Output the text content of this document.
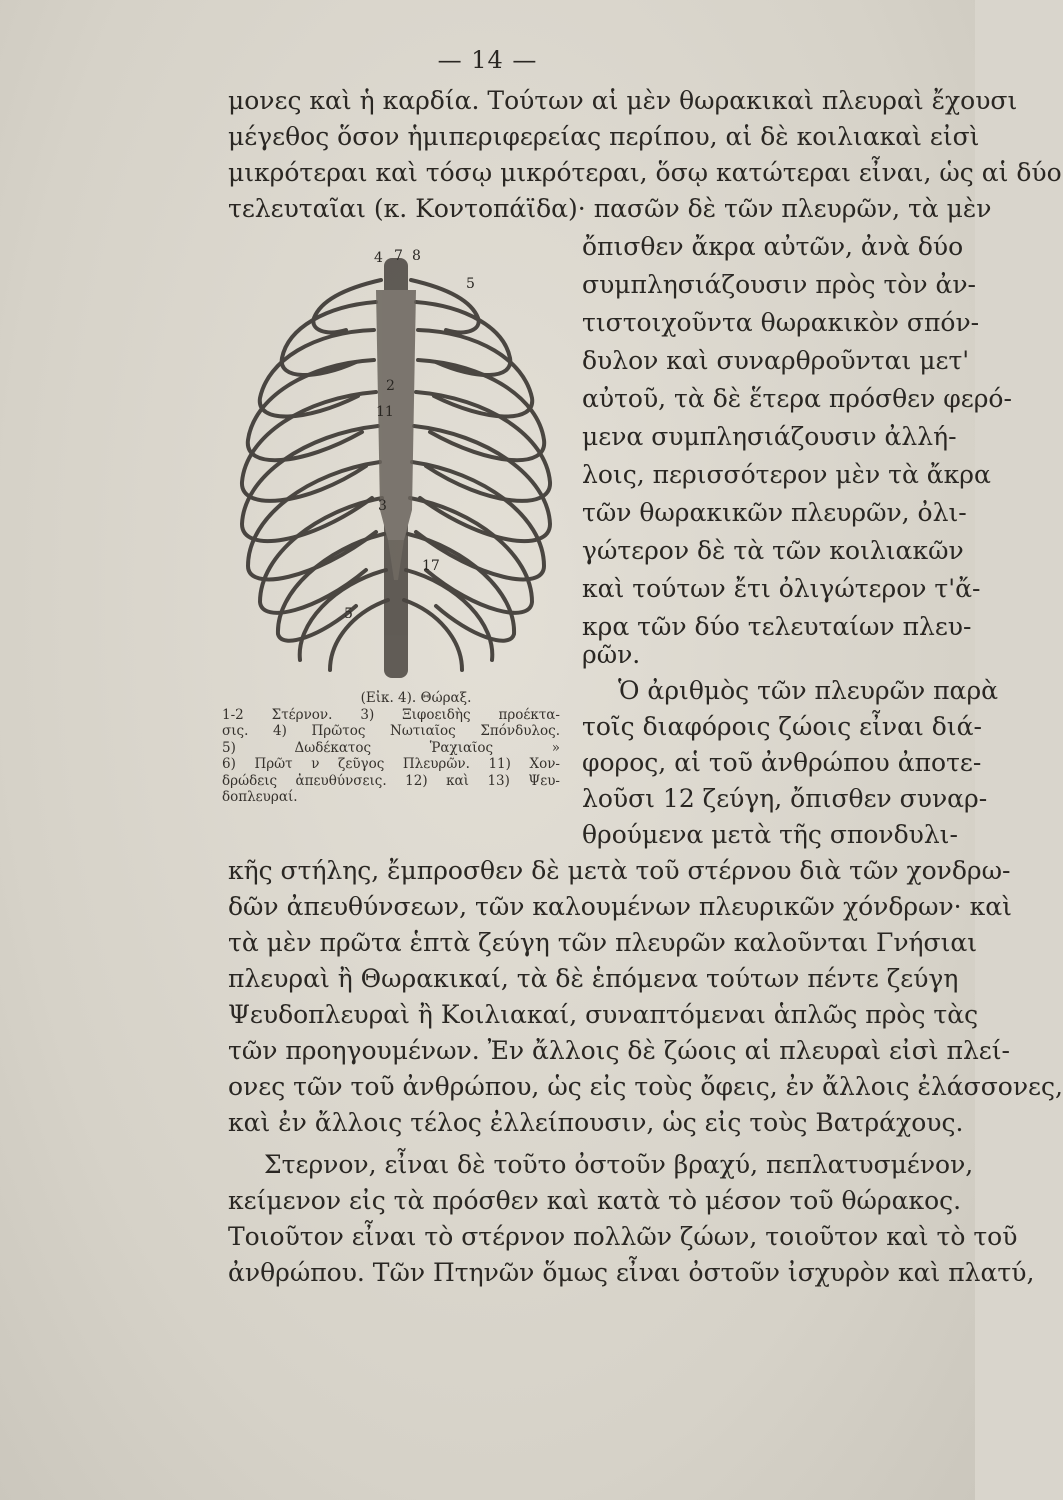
— 14 —
μονες καὶ ἡ καρδία. Τούτων αἱ μὲν θωρακικαὶ πλευραὶ ἔχουσι
μέγεθος ὅσον ἡμιπεριφερείας περίπου, αἱ δὲ κοιλιακαὶ εἰσὶ
μικρότεραι καὶ τόσῳ μικρότεραι, ὅσῳ κατώτεραι εἶναι, ὡς αἱ δύο
τελευταῖαι (κ. Κοντοπάϊδα)· πασῶν δὲ τῶν πλευρῶν, τὰ μὲν
ὄπισθεν ἄκρα αὐτῶν, ἀνὰ δύο
συμπλησιάζουσιν πρὸς τὸν ἀν-
τιστοιχοῦντα θωρακικὸν σπόν-
δυλον καὶ συναρθροῦνται μετ'
αὐτοῦ, τὰ δὲ ἕτερα πρόσθεν φερό-
μενα συμπλησιάζουσιν ἀλλή-
λοις, περισσότερον μὲν τὰ ἄκρα
τῶν θωρακικῶν πλευρῶν, ὀλι-
γώτερον δὲ τὰ τῶν κοιλιακῶν
καὶ τούτων ἔτι ὀλιγώτερον τ'ἄ-
κρα τῶν δύο τελευταίων πλευ-
ρῶν.
Ὁ ἀριθμὸς τῶν πλευρῶν παρὰ
τοῖς διαφόροις ζώοις εἶναι διά-
φορος, αἱ τοῦ ἀνθρώπου ἀποτε-
λοῦσι 12 ζεύγη, ὄπισθεν συναρ-
θρούμενα μετὰ τῆς σπονδυλι-
4 7 8
5
11
3
2
17
5
(Εἰκ. 4). Θώραξ.
1-2 Στέρνον. 3) Ξιφοειδὴς προέκτα-
σις. 4) Πρῶτος Νωτιαῖος Σπόνδυλος.
5) Δωδέκατος Ῥαχιαῖος »
6) Πρῶτ ν ζεῦγος Πλευρῶν. 11) Χον-
δρώδεις ἀπευθύνσεις. 12) καὶ 13) Ψευ-
δοπλευραί.
κῆς στήλης, ἔμπροσθεν δὲ μετὰ τοῦ στέρνου διὰ τῶν χονδρω-
δῶν ἀπευθύνσεων, τῶν καλουμένων πλευρικῶν χόνδρων· καὶ
τὰ μὲν πρῶτα ἑπτὰ ζεύγη τῶν πλευρῶν καλοῦνται Γνήσιαι
πλευραὶ ἢ Θωρακικαί, τὰ δὲ ἑπόμενα τούτων πέντε ζεύγη
Ψευδοπλευραὶ ἢ Κοιλιακαί, συναπτόμεναι ἁπλῶς πρὸς τὰς
τῶν προηγουμένων. Ἐν ἄλλοις δὲ ζώοις αἱ πλευραὶ εἰσὶ πλεί-
ονες τῶν τοῦ ἀνθρώπου, ὡς εἰς τοὺς ὄφεις, ἐν ἄλλοις ἐλάσσονες,
καὶ ἐν ἄλλοις τέλος ἐλλείπουσιν, ὡς εἰς τοὺς Βατράχους.
Στερνον, εἶναι δὲ τοῦτο ὀστοῦν βραχύ, πεπλατυσμένον,
κείμενον εἰς τὰ πρόσθεν καὶ κατὰ τὸ μέσον τοῦ θώρακος.
Τοιοῦτον εἶναι τὸ στέρνον πολλῶν ζώων, τοιοῦτον καὶ τὸ τοῦ
ἀνθρώπου. Τῶν Πτηνῶν ὅμως εἶναι ὀστοῦν ἰσχυρὸν καὶ πλατύ,
